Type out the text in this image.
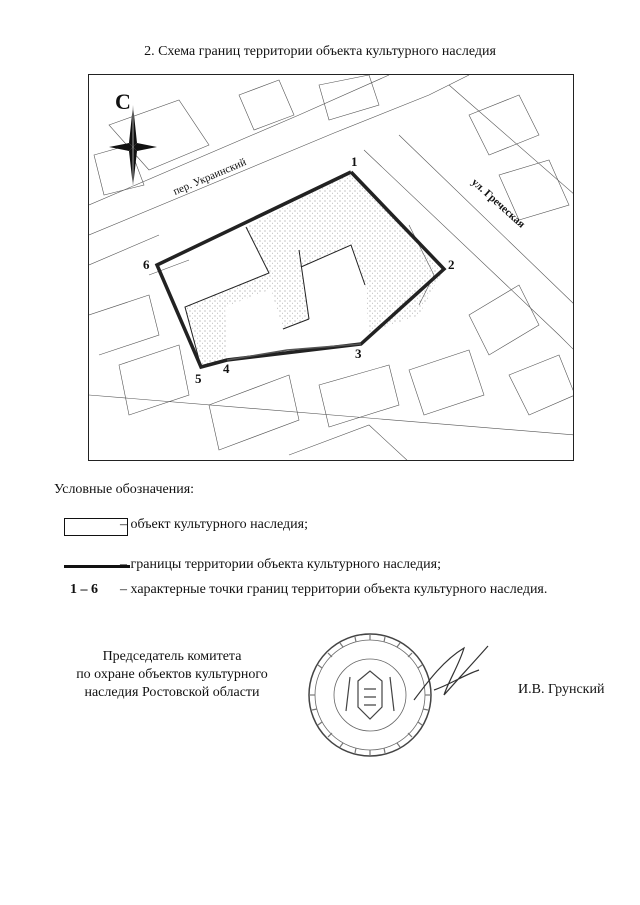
2. Схема границ территории объекта культурного наследия
С
пер. Украинский	ул. Греческая
1
2
3
4
5
6
Условные обозначения:
– объект культурного наследия;
– границы территории объекта культурного наследия;
1 – 6 – характерные точки границ территории объекта культурного наследия.
Председатель комитета
по охране объектов культурного
наследия Ростовской области	И.В. Грунский
